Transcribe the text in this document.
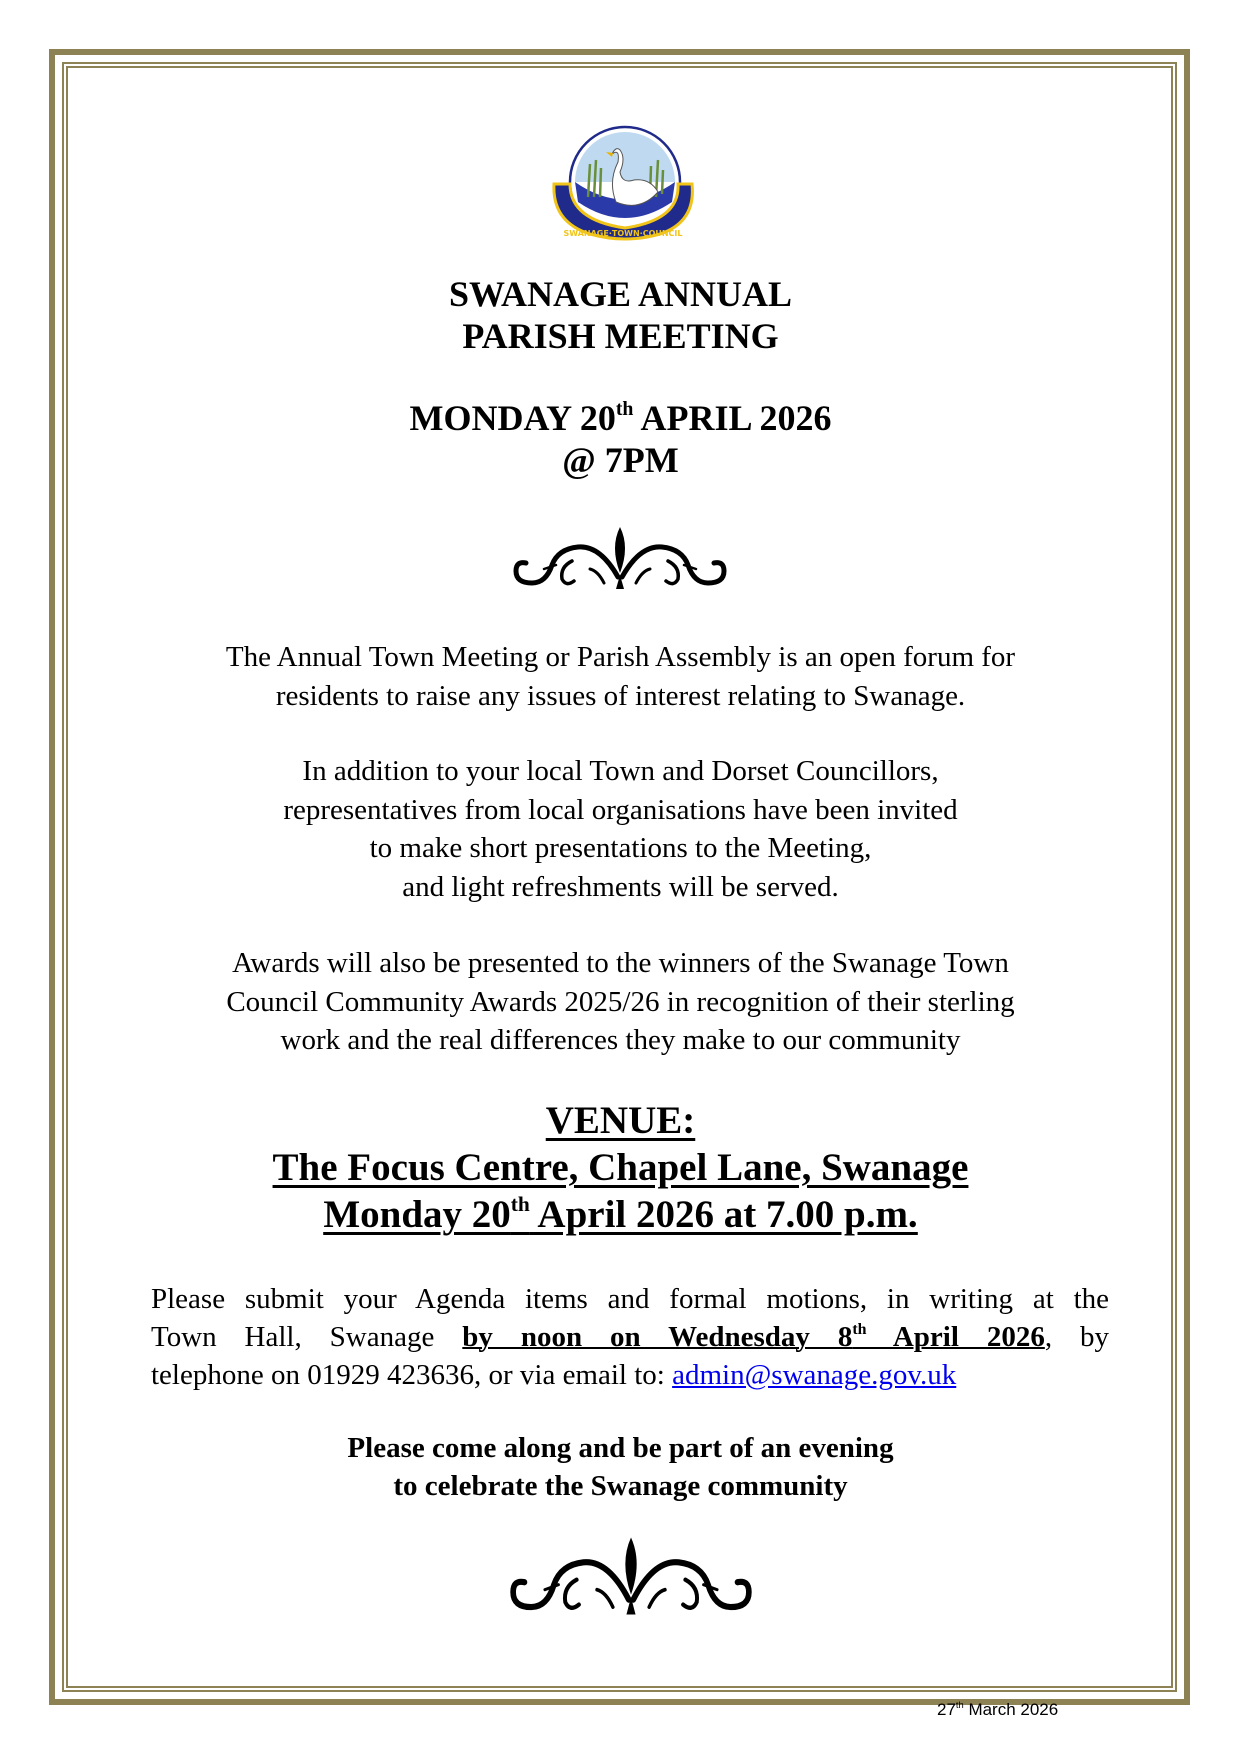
SWANAGE·TOWN·COUNCIL
SWANAGE ANNUAL
PARISH MEETING
MONDAY 20th APRIL 2026
@ 7PM
The Annual Town Meeting or Parish Assembly is an open forum for
residents to raise any issues of interest relating to Swanage.
In addition to your local Town and Dorset Councillors,
representatives from local organisations have been invited
to make short presentations to the Meeting,
and light refreshments will be served.
Awards will also be presented to the winners of the Swanage Town
Council Community Awards 2025/26 in recognition of their sterling
work and the real differences they make to our community
VENUE:
The Focus Centre, Chapel Lane, Swanage
Monday 20th April 2026 at 7.00 p.m.
Please submit your Agenda items and formal motions, in writing at the
Town Hall, Swanage by noon on Wednesday 8th April 2026, by
telephone on 01929 423636, or via email to: admin@swanage.gov.uk
Please come along and be part of an evening
to celebrate the Swanage community
27th March 2026
